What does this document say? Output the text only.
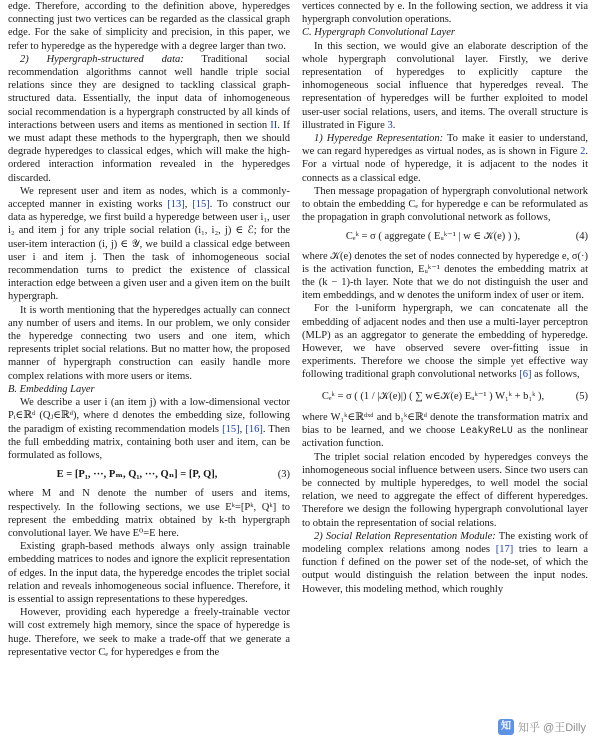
edge. Therefore, according to the definition above, hyperedges connecting just two vertices can be regarded as the classical graph edge. For the sake of simplicity and precision, in this paper, we refer to hyperedge as the hyperedge with a degree larger than two.

2) Hypergraph-structured data: Traditional social recommendation algorithms cannot well handle triple social relations since they are designed to tackling classical graph-structured data. Essentially, the input data of inhomogeneous social recommendation is a hypergraph constructed by all kinds of interactions between users and items as mentioned in section II. If we must adapt these methods to the hypergraph, then we should degrade hyperedges to classical edges, which will make the high-ordered interaction information revealed in the hyperedges discarded.

We represent user and item as nodes, which is a commonly-accepted manner in existing works [13], [15]. To construct our data as hyperedge, we first build a hyperedge between user i₁, user i₂ and item j for any triple social relation (i₁, i₂, j) ∈ ℰ; for the user-item interaction (i, j) ∈ 𝒴, we build a classical edge between user i and item j. Then the task of inhomogeneous social recommendation turns to predict the existence of classical interaction edge between a given user and a given item on the built hypergraph.

It is worth mentioning that the hyperedges actually can connect any number of users and items. In our problem, we only consider the hyperedge connecting two users and one item, which represents triplet social relations. But no matter how, the proposed manner of hypergraph construction can easily handle more complex relations with more users or items.

B. Embedding Layer

We describe a user i (an item j) with a low-dimensional vector Pᵢ∈ℝᵈ (Qⱼ∈ℝᵈ), where d denotes the embedding size, following the paradigm of existing recommendation models [15], [16]. Then the full embedding matrix, containing both user and item, can be formulated as follows,

E = [P₁, ···, Pₘ, Q₁, ···, Qₙ] = [P, Q],	(3)

where M and N denote the number of users and items, respectively. In the following sections, we use Eᵏ=[Pᵏ, Qᵏ] to represent the embedding matrix obtained by k-th hypergraph convolutional layer. We have E⁰=E here.

Existing graph-based methods always only assign trainable embedding matrices to nodes and ignore the explicit representation of edges. In the input data, the hyperedge encodes the triplet social relation and reveals inhomogeneous social influence. Therefore, it is essential to assign representations to these hyperedges.

However, providing each hyperedge a freely-trainable vector will cost extremely high memory, since the space of hyperedge is huge. Therefore, we seek to make a trade-off that we generate a representative vector Cₑ for hyperedges e from the

vertices connected by e. In the following section, we address it via hypergraph convolution operations.

C. Hypergraph Convolutional Layer

In this section, we would give an elaborate description of the whole hypergraph convolutional layer. Firstly, we derive representation of hyperedges to explicitly capture the inhomogeneous social influence that hyperedges reveal. The representation of hyperedges will be further exploited to model user-user social relations, users, and items. The overall structure is illustrated in Figure 3.

1) Hyperedge Representation: To make it easier to understand, we can regard hyperedges as virtual nodes, as is shown in Figure 2. For a virtual node of hyperedge, it is adjacent to the nodes it connects as a classical edge.

Then message propagation of hypergraph convolutional network to obtain the embedding Cₑ for hyperedge e can be reformulated as the propagation in graph convolutional network as follows,

Cₑᵏ = σ ( aggregate ( Eᵤᵏ⁻¹ | w ∈ 𝒦(e) ) ),	(4)

where 𝒦(e) denotes the set of nodes connected by hyperedge e, σ(·) is the activation function, Eᵤᵏ⁻¹ denotes the embedding matrix at the (k − 1)-th layer. Note that we do not distinguish the user and item embeddings, and w denotes the uniform index of user or item.

For the l-uniform hypergraph, we can concatenate all the embedding of adjacent nodes and then use a multi-layer perceptron (MLP) as an aggregator to generate the embedding of hyperedge. However, we have observed severe over-fitting issue in experiments. Therefore we choose the simple yet effective way following traditional graph convolutional networks [6] as follows,

Cₑᵏ = σ ( (1 / |𝒦(e)|) ( ∑ w∈𝒦(e) Eᵤᵏ⁻¹ ) W₁ᵏ + b₁ᵏ ),	(5)

where W₁ᵏ∈ℝᵈˣᵈ and b₁ᵏ∈ℝᵈ denote the transformation matrix and bias to be learned, and we choose LeakyReLU as the nonlinear activation function.

The triplet social relation encoded by hyperedges conveys the inhomogeneous social influence between users. Since two users can be connected by multiple hyperedges, to well model the social relation, we need to aggregate the effect of different hyperedges. Therefore we design the following hypergraph convolutional layer to obtain the representation of social relations.

2) Social Relation Representation Module: The existing work of modeling complex relations among nodes [17] tries to learn a function f defined on the power set of the node-set, of which the output would distinguish the relation between the input nodes. However, this modeling method, which roughly

知 知乎 @王Dilly
